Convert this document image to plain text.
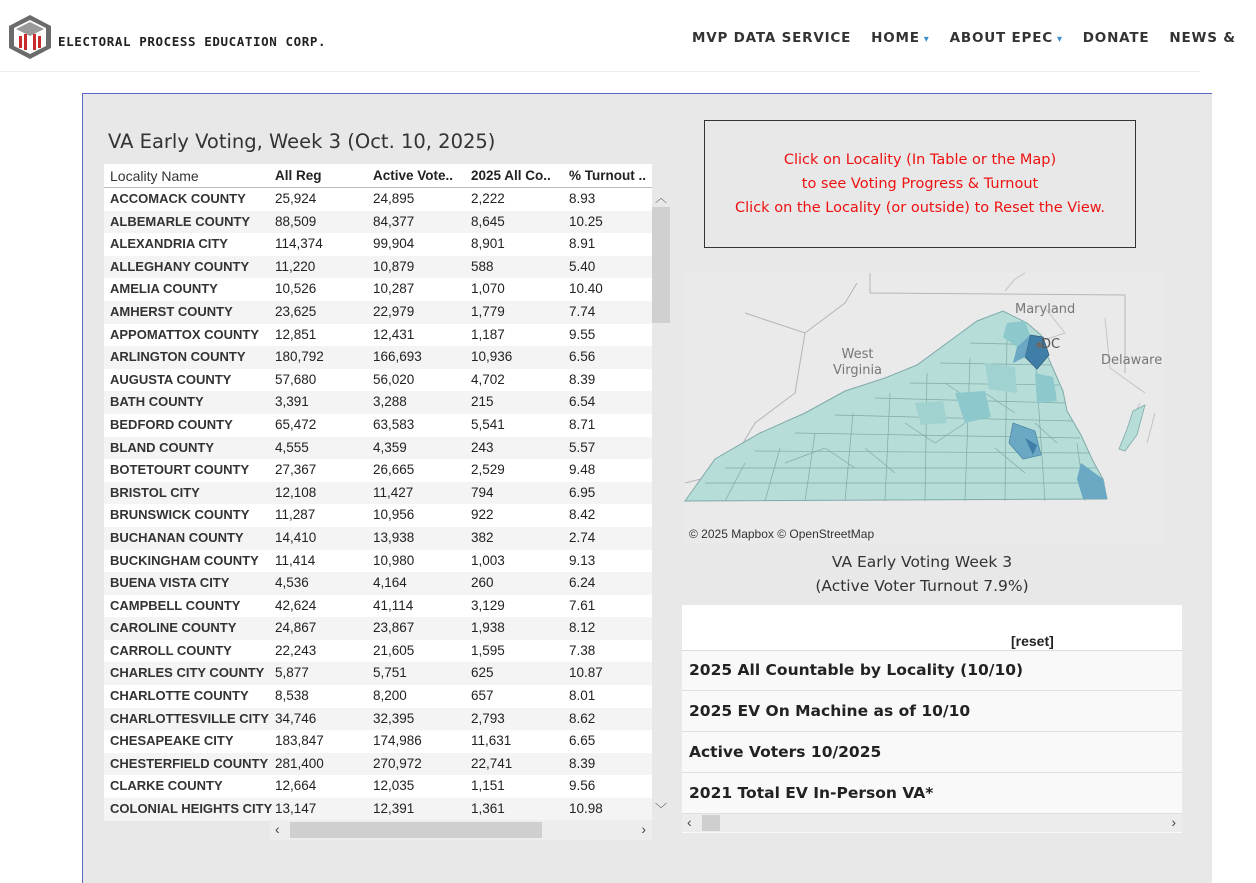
ELECTORAL PROCESS EDUCATION CORP.	MVP DATA SERVICE HOME ▾ ABOUT EPEC ▾ DONATE NEWS &
VA Early Voting, Week 3 (Oct. 10, 2025)
Locality Name	All Reg	Active Vote.. 2025 All Co.. % Turnout ..
ACCOMACK COUNTY 25,924	24,895	2,222	8.93
ALBEMARLE COUNTY 88,509	84,377	8,645	10.25
ALEXANDRIA CITY	114,374	99,904	8,901	8.91
ALLEGHANY COUNTY 11,220	10,879	588	5.40
AMELIA COUNTY	10,526	10,287	1,070	10.40
AMHERST COUNTY	23,625	22,979	1,779	7.74
APPOMATTOX COUNTY 12,851	12,431	1,187	9.55
ARLINGTON COUNTY 180,792	166,693	10,936	6.56
AUGUSTA COUNTY	57,680	56,020	4,702	8.39
BATH COUNTY	3,391	3,288	215	6.54
BEDFORD COUNTY	65,472	63,583	5,541	8.71
BLAND COUNTY	4,555	4,359	243	5.57
BOTETOURT COUNTY 27,367	26,665	2,529	9.48
BRISTOL CITY	12,108	11,427	794	6.95
BRUNSWICK COUNTY 11,287	10,956	922	8.42
BUCHANAN COUNTY 14,410	13,938	382	2.74
BUCKINGHAM COUNTY 11,414	10,980	1,003	9.13
BUENA VISTA CITY	4,536	4,164	260	6.24
CAMPBELL COUNTY	42,624	41,114	3,129	7.61
CAROLINE COUNTY	24,867	23,867	1,938	8.12
CARROLL COUNTY	22,243	21,605	1,595	7.38
CHARLES CITY COUNTY 5,877	5,751	625	10.87
CHARLOTTE COUNTY 8,538	8,200	657	8.01
CHARLOTTESVILLE CITY 34,746	32,395	2,793	8.62
CHESAPEAKE CITY	183,847	174,986	11,631	6.65
CHESTERFIELD COUNTY 281,400	270,972	22,741	8.39
CLARKE COUNTY	12,664	12,035	1,151	9.56
COLONIAL HEIGHTS CITY 13,147	12,391	1,361	10.98
︿
﹀
‹	›
Click on Locality (In Table or the Map)
to see Voting Progress & Turnout
Click on the Locality (or outside) to Reset the View.
Maryland
DC
Delaware
West
Virginia
© 2025 Mapbox © OpenStreetMap
VA Early Voting Week 3
(Active Voter Turnout 7.9%)
[reset]
2025 All Countable by Locality (10/10)
2025 EV On Machine as of 10/10
Active Voters 10/2025
2021 Total EV In-Person VA*
‹	›
